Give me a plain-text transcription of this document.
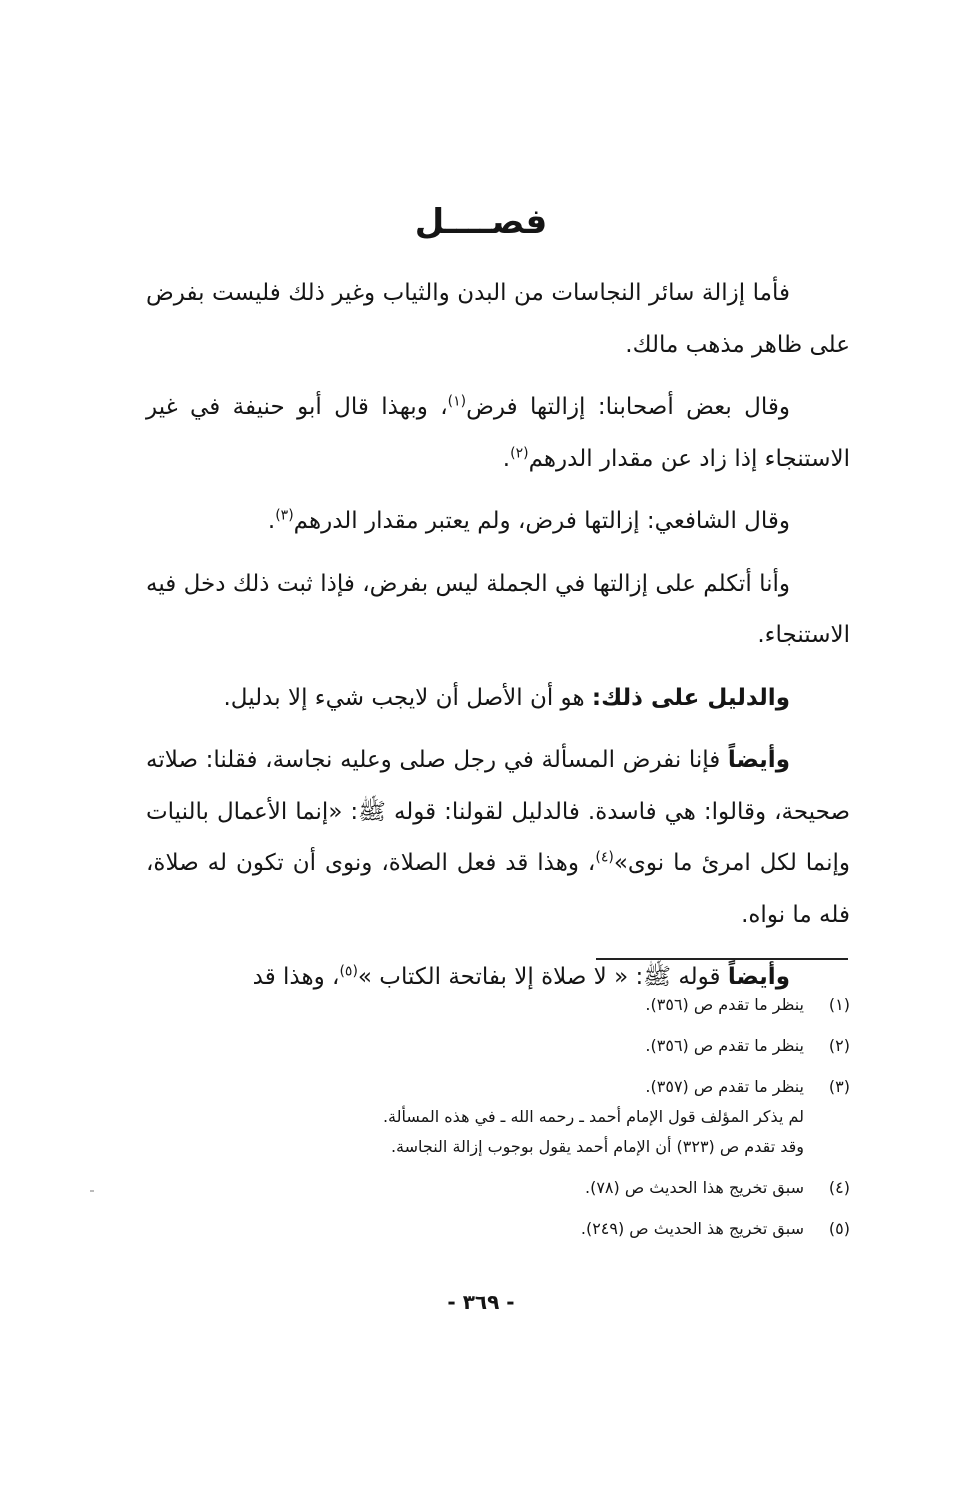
فصــــل

فأما إزالة سائر النجاسات من البدن والثياب وغير ذلك فليست بفرض على ظاهر مذهب مالك.

وقال بعض أصحابنا: إزالتها فرض$^{(١)}$، وبهذا قال أبو حنيفة في غير الاستنجاء إذا زاد عن مقدار الدرهم$^{(٢)}$.

وقال الشافعي: إزالتها فرض، ولم يعتبر مقدار الدرهم$^{(٣)}$.

وأنا أتكلم على إزالتها في الجملة ليس بفرض، فإذا ثبت ذلك دخل فيه الاستنجاء.

والدليل على ذلك: هو أن الأصل أن لايجب شيء إلا بدليل.

وأيضاً فإنا نفرض المسألة في رجل صلى وعليه نجاسة، فقلنا: صلاته صحيحة، وقالوا: هي فاسدة. فالدليل لقولنا: قوله ﷺ: «إنما الأعمال بالنيات وإنما لكل امرئ ما نوى»$^{(٤)}$، وهذا قد فعل الصلاة، ونوى أن تكون له صلاة، فله ما نواه.

وأيضاً قوله ﷺ: « لا صلاة إلا بفاتحة الكتاب »$^{(٥)}$، وهذا قد

(١)

ينظر ما تقدم ص (٣٥٦).

(٢)

ينظر ما تقدم ص (٣٥٦).

(٣)

ينظر ما تقدم ص (٣٥٧).

لم يذكر المؤلف قول الإمام أحمد ـ رحمه الله ـ في هذه المسألة.

وقد تقدم ص (٣٢٣) أن الإمام أحمد يقول بوجوب إزالة النجاسة.

(٤)

سبق تخريج هذا الحديث ص (٧٨).

(٥)

سبق تخريج هذ الحديث ص (٢٤٩).

- ٣٦٩ -
